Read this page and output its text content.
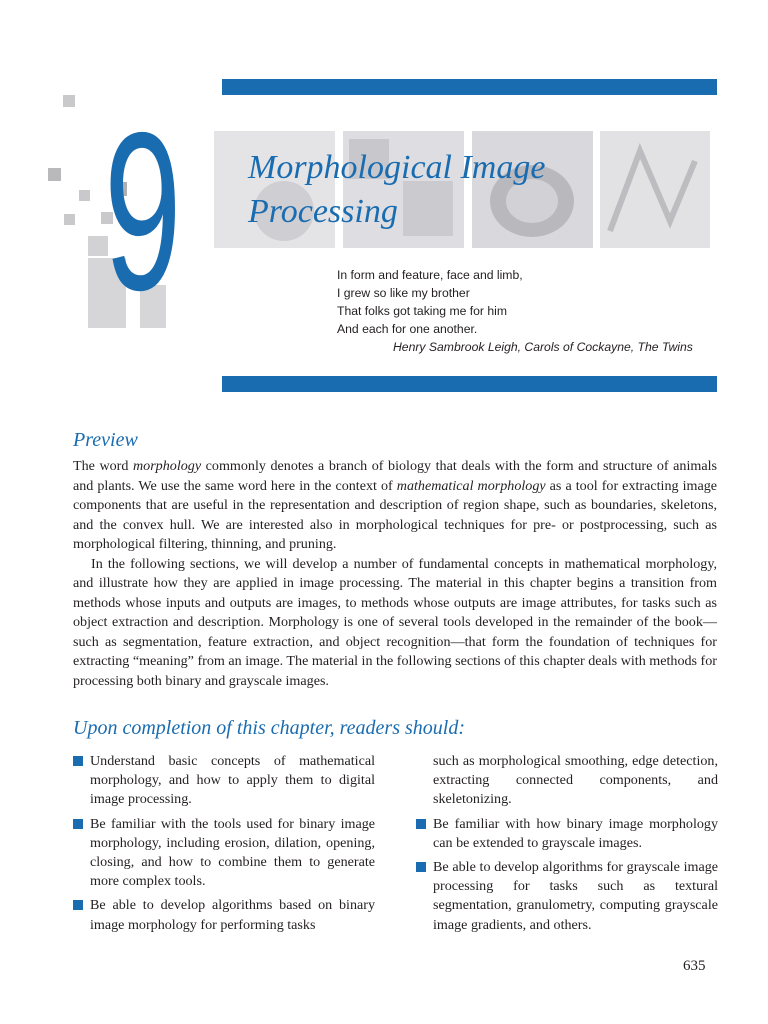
9 Morphological Image
Processing
In form and feature, face and limb,
I grew so like my brother
That folks got taking me for him
And each for one another.
Henry Sambrook Leigh, Carols of Cockayne, The Twins
Preview

The word morphology commonly denotes a branch of biology that deals with the form and structure of animals and plants. We use the same word here in the context of mathematical morphology as a tool for extracting image components that are useful in the representation and description of region shape, such as boundaries, skeletons, and the convex hull. We are interested also in morphological techniques for pre- or postprocessing, such as morphological filtering, thinning, and pruning.

In the following sections, we will develop a number of fundamental concepts in mathematical morphology, and illustrate how they are applied in image processing. The material in this chapter begins a transition from methods whose inputs and outputs are images, to methods whose outputs are image attributes, for tasks such as object extraction and description. Morphology is one of several tools developed in the remainder of the book—such as segmentation, feature extraction, and object recognition—that form the foundation of techniques for extracting “meaning” from an image. The material in the following sections of this chapter deals with methods for processing both binary and grayscale images.

Upon completion of this chapter, readers should:
Understand basic concepts of mathematical morphology, and how to apply them to digital image processing.
Be familiar with the tools used for binary image morphology, including erosion, dilation, opening, closing, and how to combine them to generate more complex tools.
Be able to develop algorithms based on binary image morphology for performing tasks
such as morphological smoothing, edge detection, extracting connected components, and skeletonizing.
Be familiar with how binary image morphology can be extended to grayscale images.
Be able to develop algorithms for grayscale image processing for tasks such as textural segmentation, granulometry, computing grayscale image gradients, and others.
635
